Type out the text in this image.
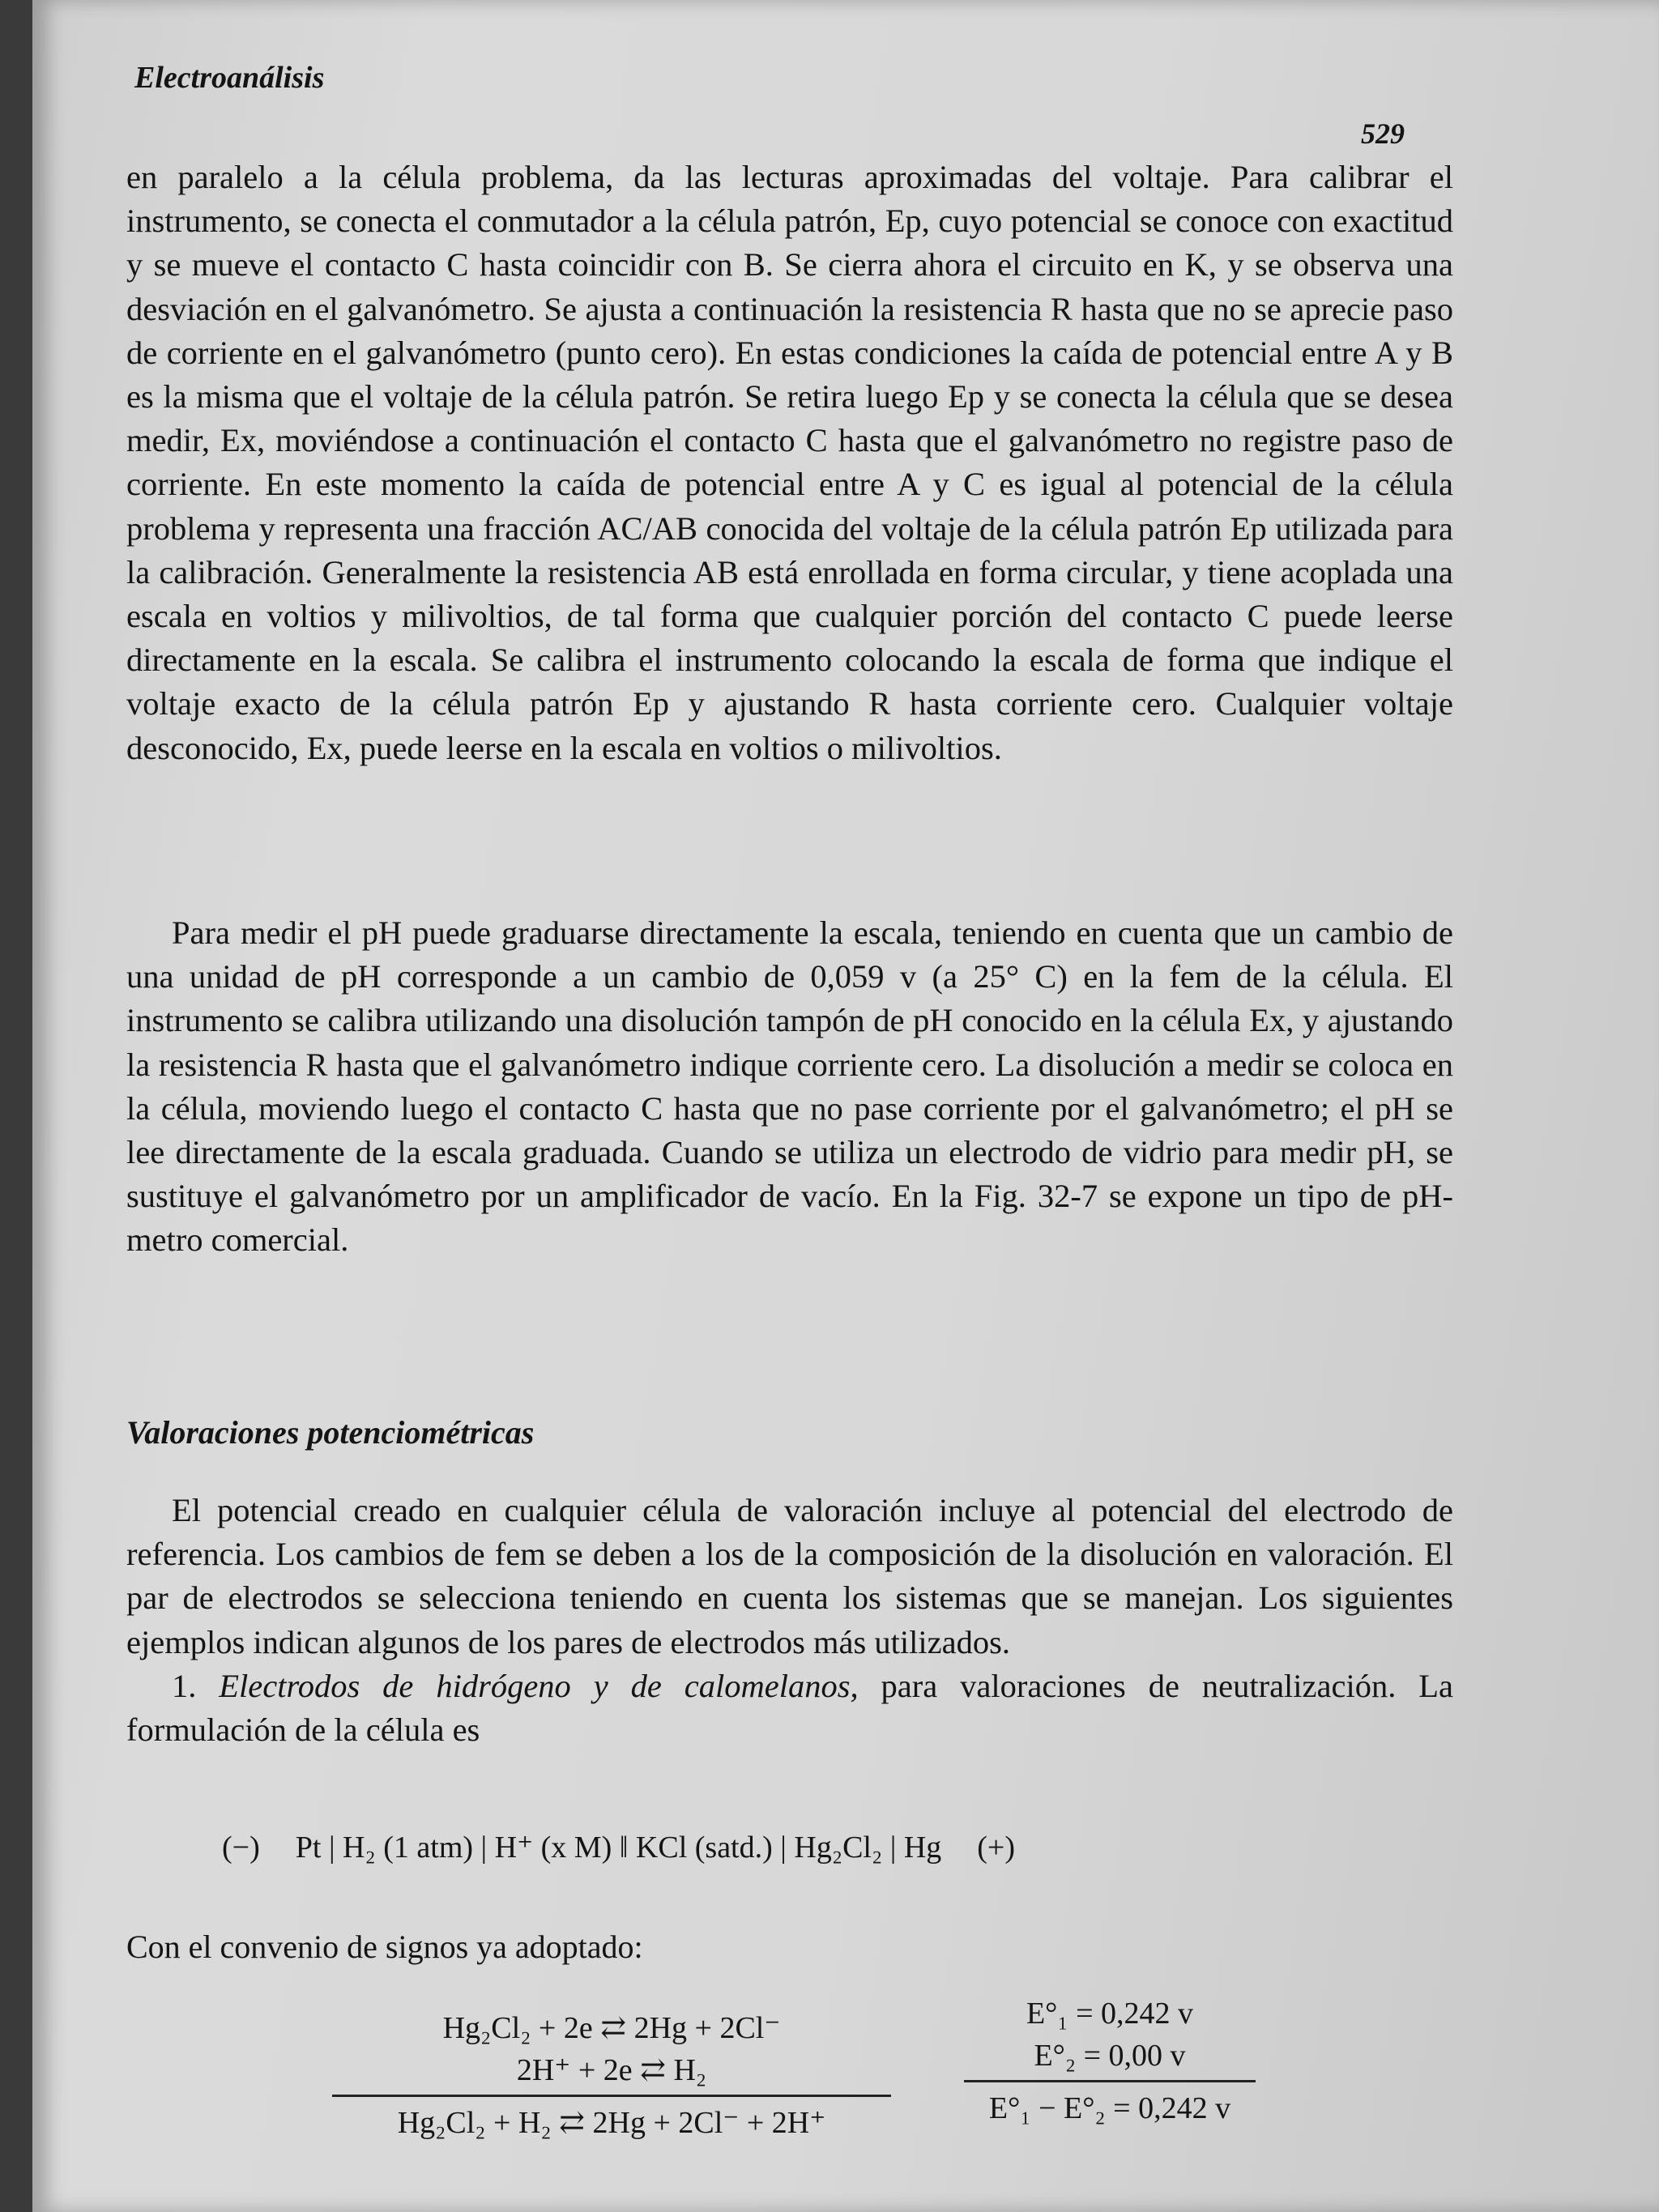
Electroanálisis
529

en paralelo a la célula problema, da las lecturas aproximadas del voltaje. Para calibrar el instrumento, se conecta el conmutador a la célula patrón, Ep, cuyo potencial se conoce con exactitud y se mueve el contacto C hasta coincidir con B. Se cierra ahora el circuito en K, y se observa una desviación en el galvanómetro. Se ajusta a continuación la resistencia R hasta que no se aprecie paso de corriente en el galvanómetro (punto cero). En estas condiciones la caída de potencial entre A y B es la misma que el voltaje de la célula patrón. Se retira luego Ep y se conecta la célula que se desea medir, Ex, moviéndose a continuación el contacto C hasta que el galvanómetro no registre paso de corriente. En este momento la caída de potencial entre A y C es igual al potencial de la célula problema y representa una fracción AC/AB conocida del voltaje de la célula patrón Ep utilizada para la calibración. Generalmente la resistencia AB está enrollada en forma circular, y tiene acoplada una escala en voltios y milivoltios, de tal forma que cualquier porción del contacto C puede leerse directamente en la escala. Se calibra el instrumento colocando la escala de forma que indique el voltaje exacto de la célula patrón Ep y ajustando R hasta corriente cero. Cualquier voltaje desconocido, Ex, puede leerse en la escala en voltios o milivoltios.

Para medir el pH puede graduarse directamente la escala, teniendo en cuenta que un cambio de una unidad de pH corresponde a un cambio de 0,059 v (a 25° C) en la fem de la célula. El instrumento se calibra utilizando una disolución tampón de pH conocido en la célula Ex, y ajustando la resistencia R hasta que el galvanómetro indique corriente cero. La disolución a medir se coloca en la célula, moviendo luego el contacto C hasta que no pase corriente por el galvanómetro; el pH se lee directamente de la escala graduada. Cuando se utiliza un electrodo de vidrio para medir pH, se sustituye el galvanómetro por un amplificador de vacío. En la Fig. 32-7 se expone un tipo de pH-metro comercial.

Valoraciones potenciométricas

El potencial creado en cualquier célula de valoración incluye al potencial del electrodo de referencia. Los cambios de fem se deben a los de la composición de la disolución en valoración. El par de electrodos se selecciona teniendo en cuenta los sistemas que se manejan. Los siguientes ejemplos indican algunos de los pares de electrodos más utilizados.

1. Electrodos de hidrógeno y de calomelanos, para valoraciones de neutralización. La formulación de la célula es

(−) Pt | H₂ (1 atm) | H⁺ (x M) ‖ KCl (satd.) | Hg₂Cl₂ | Hg (+)
Con el convenio de signos ya adoptado:
Hg₂Cl₂ + 2e ⇄ 2Hg + 2Cl⁻
2H⁺ + 2e ⇄ H₂
Hg₂Cl₂ + H₂ ⇄ 2Hg + 2Cl⁻ + 2H⁺
E°₁ = 0,242 v
E°₂ = 0,00 v
E°₁ − E°₂ = 0,242 v
